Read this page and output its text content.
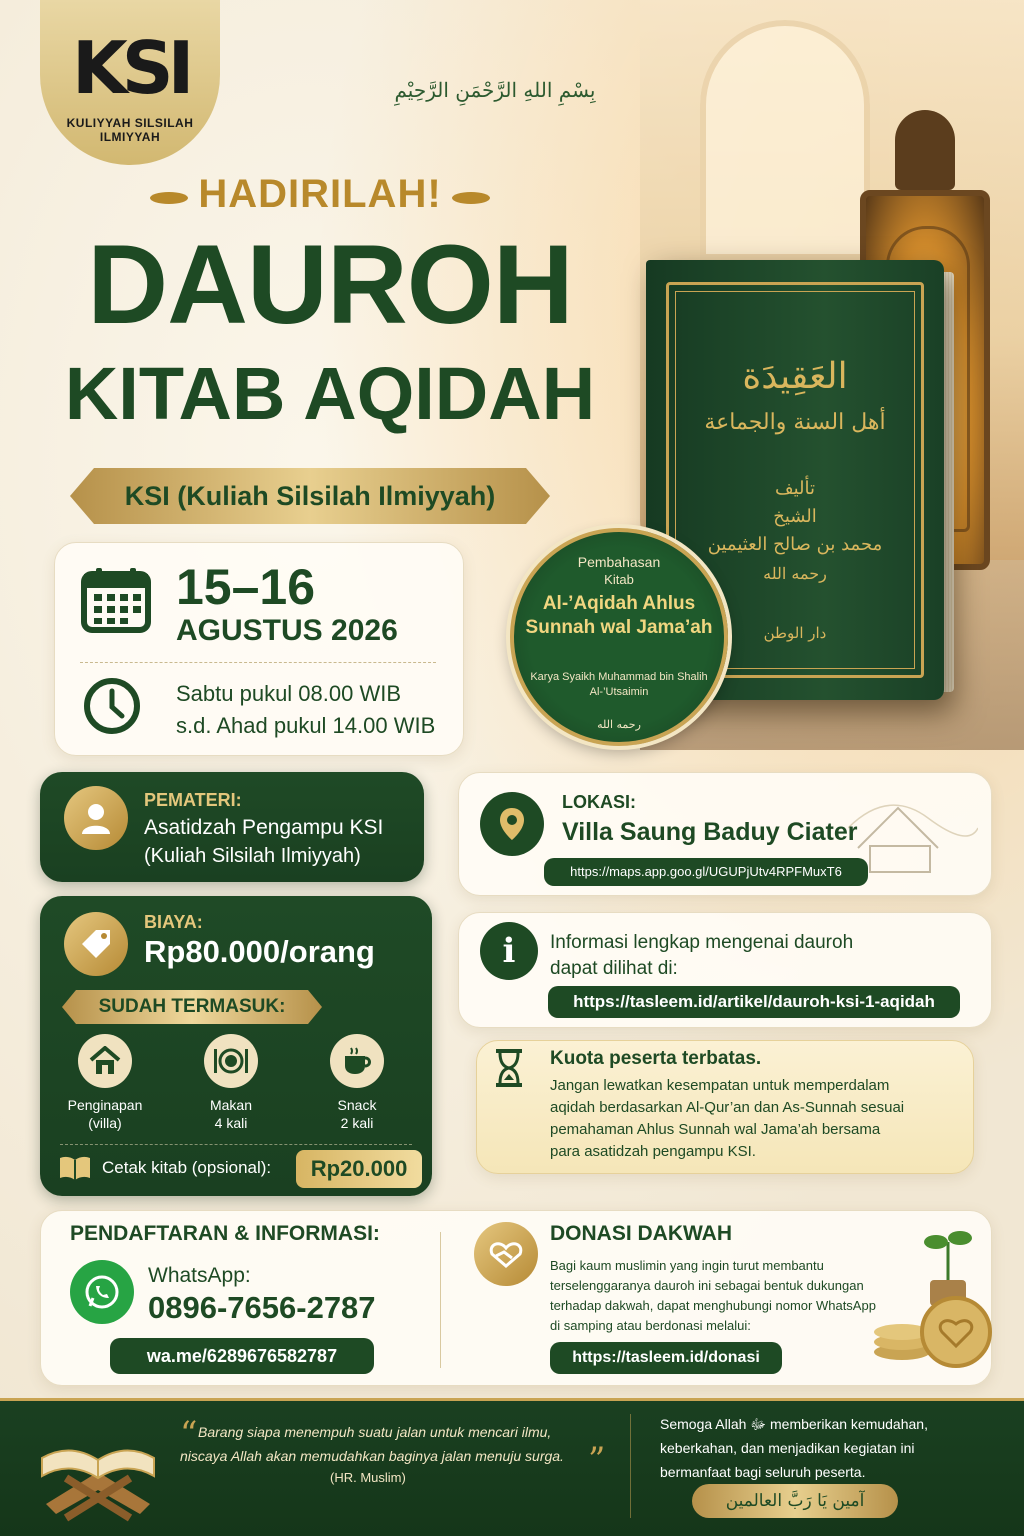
KSI
KULIYYAH SILSILAH ILMIYYAH
بِسْمِ اللهِ الرَّحْمَنِ الرَّحِيْمِ
HADIRILAH!
DAUROH
KITAB AQIDAH
KSI (Kuliah Silsilah Ilmiyyah)
العَقِيدَة
أهل السنة والجماعة
تأليف
الشيخ
محمد بن صالح العثيمين
رحمه الله
دار الوطن
Pembahasan
Kitab
Al-’Aqidah Ahlus Sunnah wal Jama’ah
Karya Syaikh Muhammad bin Shalih Al-’Utsaimin
رحمه الله
15–16
AGUSTUS 2026
Sabtu pukul 08.00 WIB
s.d. Ahad pukul 14.00 WIB
PEMATERI:
Asatidzah Pengampu KSI
(Kuliah Silsilah Ilmiyyah)
LOKASI:
Villa Saung Baduy Ciater
https://maps.app.goo.gl/UGUPjUtv4RPFMuxT6
BIAYA:
Rp80.000/orang
SUDAH TERMASUK:
Penginapan
(villa)
Makan
4 kali
Snack
2 kali
Cetak kitab (opsional):	Rp20.000
i Informasi lengkap mengenai dauroh
dapat dilihat di:
https://tasleem.id/artikel/dauroh-ksi-1-aqidah
Kuota peserta terbatas.
Jangan lewatkan kesempatan untuk memperdalam
aqidah berdasarkan Al-Qur’an dan As-Sunnah sesuai
pemahaman Ahlus Sunnah wal Jama’ah bersama
para asatidzah pengampu KSI.
PENDAFTARAN & INFORMASI:
WhatsApp:
0896-7656-2787
wa.me/6289676582787
DONASI DAKWAH
Bagi kaum muslimin yang ingin turut membantu
terselenggaranya dauroh ini sebagai bentuk dukungan
terhadap dakwah, dapat menghubungi nomor WhatsApp
di samping atau berdonasi melalui:
https://tasleem.id/donasi
“ Barang siapa menempuh suatu jalan untuk mencari ilmu,
niscaya Allah akan memudahkan baginya jalan menuju surga. ”
(HR. Muslim)
Semoga Allah ﷻ memberikan kemudahan,
keberkahan, dan menjadikan kegiatan ini
bermanfaat bagi seluruh peserta.
آمين يَا رَبَّ العالمين
